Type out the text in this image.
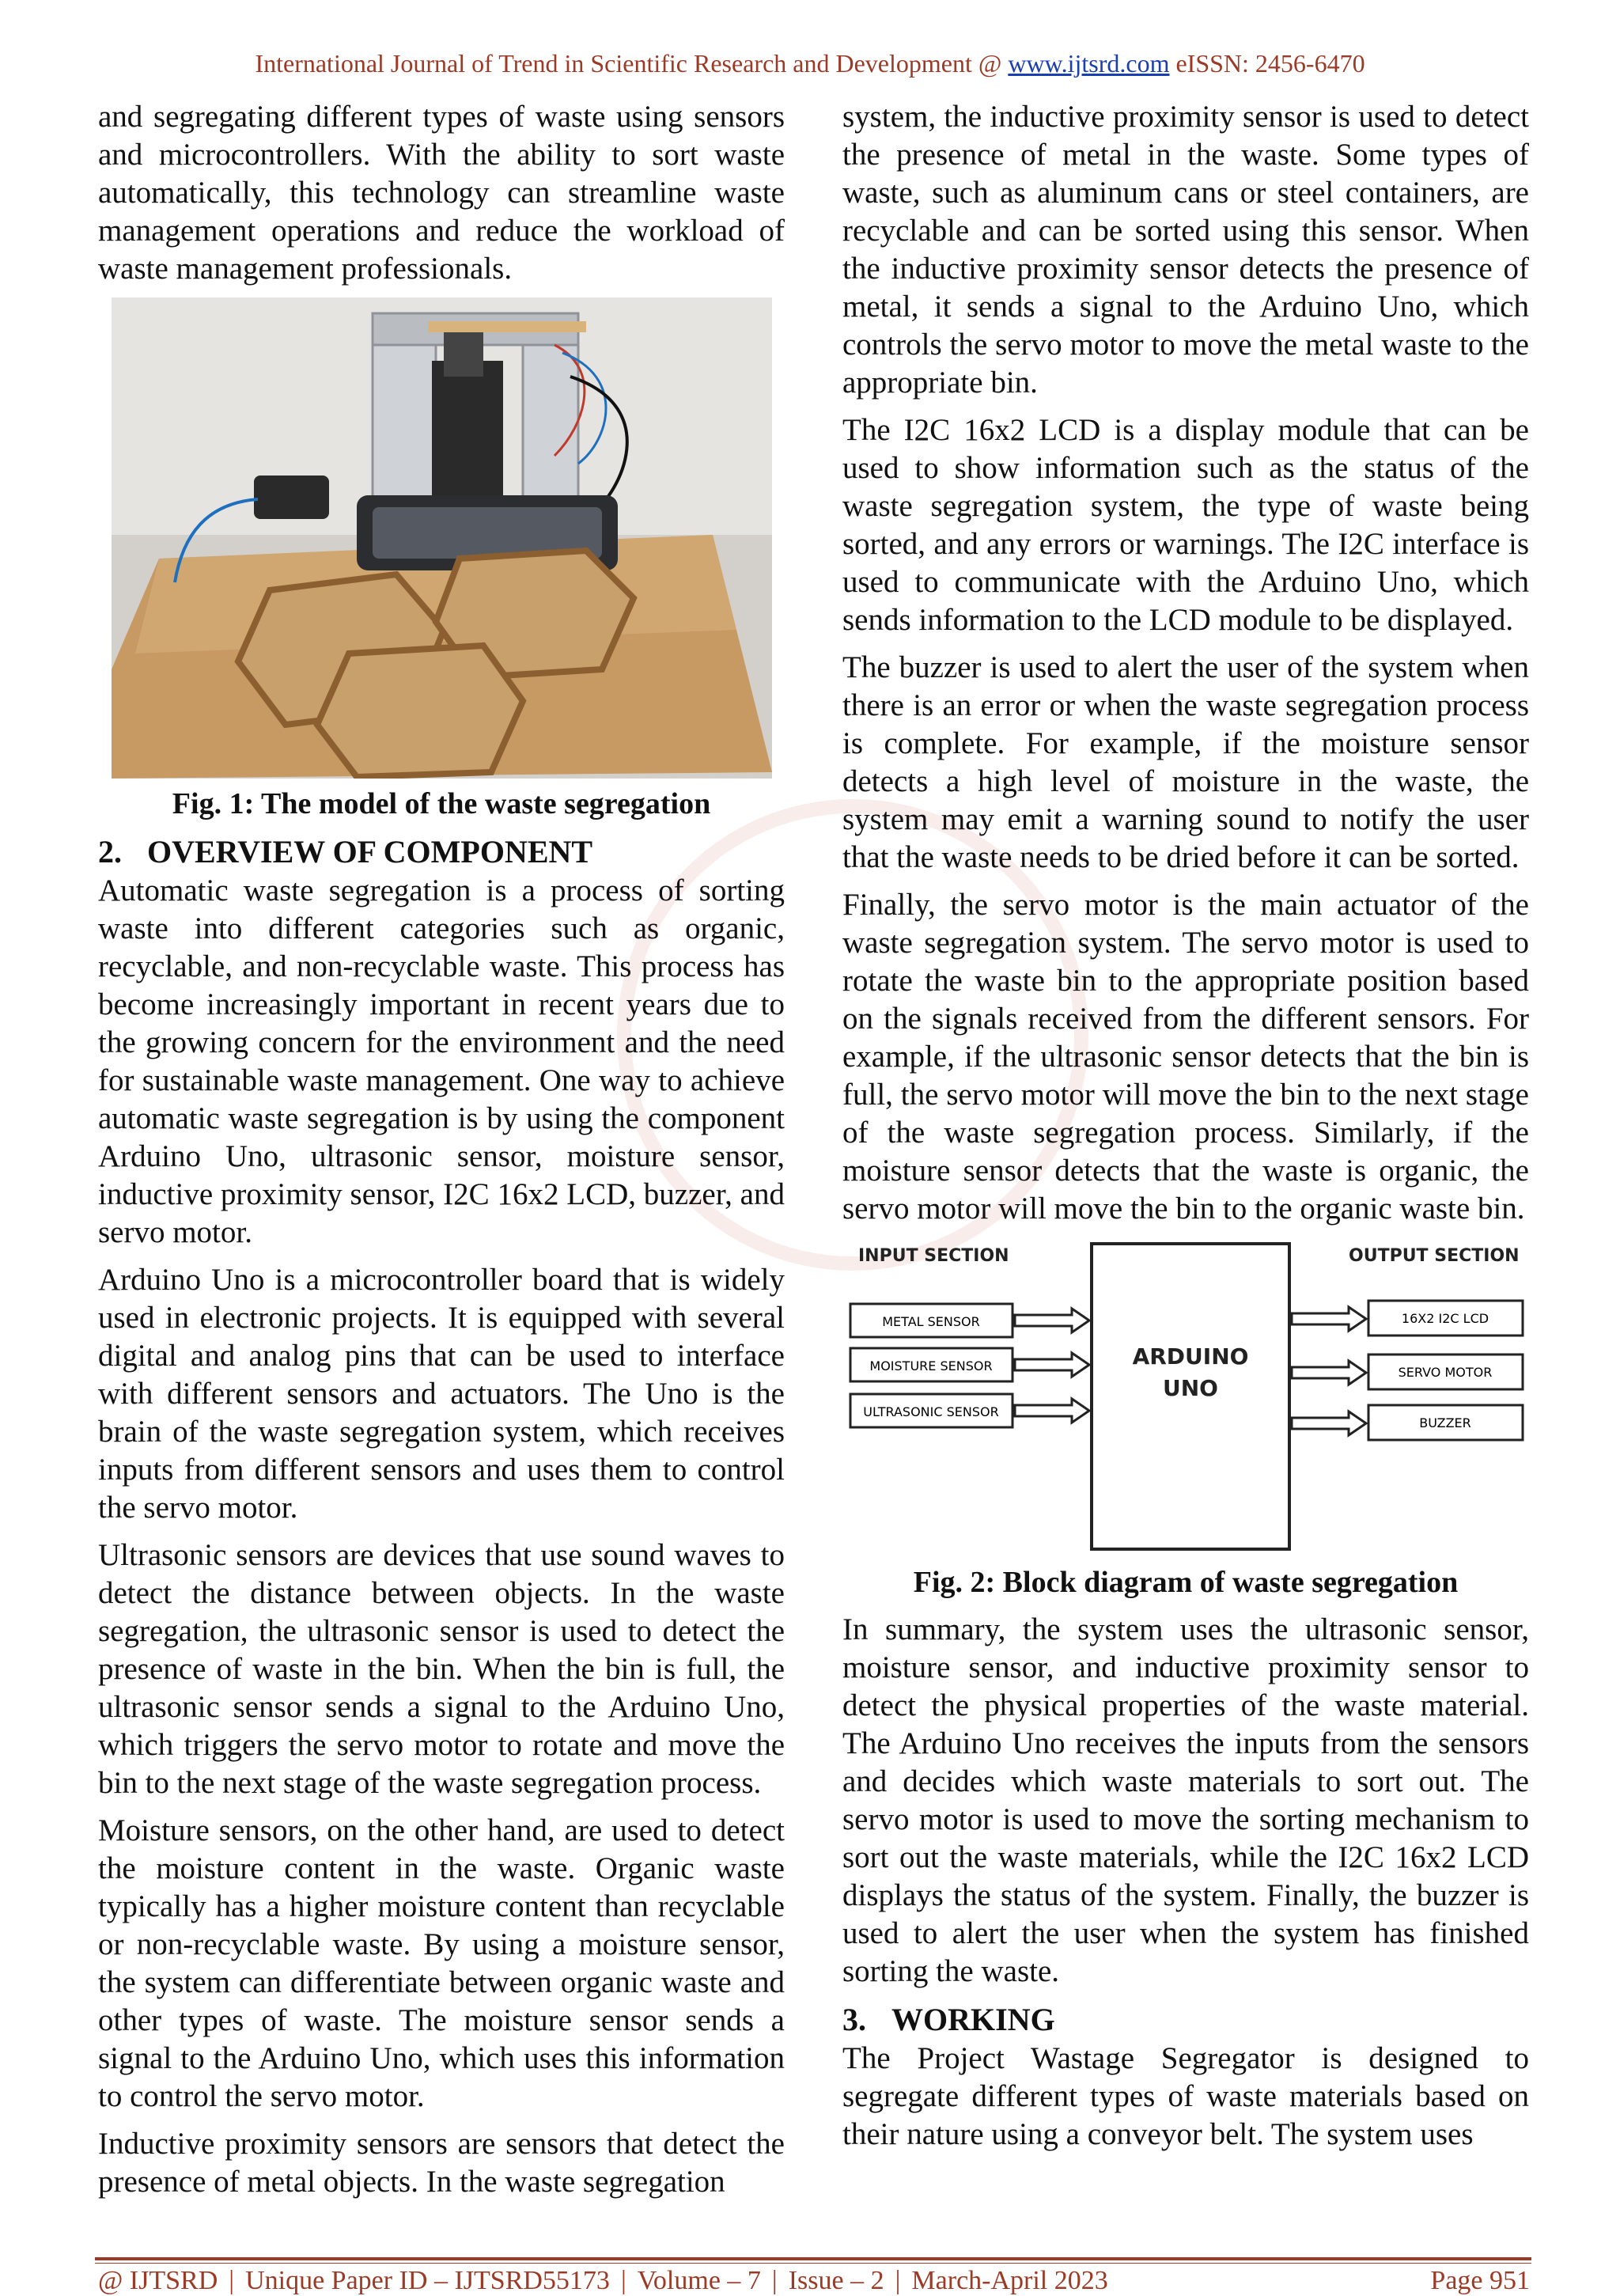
International Journal of Trend in Scientific Research and Development @ www.ijtsrd.com eISSN: 2456-6470

and segregating different types of waste using sensors and microcontrollers. With the ability to sort waste automatically, this technology can streamline waste management operations and reduce the workload of waste management professionals.

Fig. 1: The model of the waste segregation

2. OVERVIEW OF COMPONENT

Automatic waste segregation is a process of sorting waste into different categories such as organic, recyclable, and non-recyclable waste. This process has become increasingly important in recent years due to the growing concern for the environment and the need for sustainable waste management. One way to achieve automatic waste segregation is by using the component Arduino Uno, ultrasonic sensor, moisture sensor, inductive proximity sensor, I2C 16x2 LCD, buzzer, and servo motor.

Arduino Uno is a microcontroller board that is widely used in electronic projects. It is equipped with several digital and analog pins that can be used to interface with different sensors and actuators. The Uno is the brain of the waste segregation system, which receives inputs from different sensors and uses them to control the servo motor.

Ultrasonic sensors are devices that use sound waves to detect the distance between objects. In the waste segregation, the ultrasonic sensor is used to detect the presence of waste in the bin. When the bin is full, the ultrasonic sensor sends a signal to the Arduino Uno, which triggers the servo motor to rotate and move the bin to the next stage of the waste segregation process.

Moisture sensors, on the other hand, are used to detect the moisture content in the waste. Organic waste typically has a higher moisture content than recyclable or non-recyclable waste. By using a moisture sensor, the system can differentiate between organic waste and other types of waste. The moisture sensor sends a signal to the Arduino Uno, which uses this information to control the servo motor.

Inductive proximity sensors are sensors that detect the presence of metal objects. In the waste segregation

system, the inductive proximity sensor is used to detect the presence of metal in the waste. Some types of waste, such as aluminum cans or steel containers, are recyclable and can be sorted using this sensor. When the inductive proximity sensor detects the presence of metal, it sends a signal to the Arduino Uno, which controls the servo motor to move the metal waste to the appropriate bin.

The I2C 16x2 LCD is a display module that can be used to show information such as the status of the waste segregation system, the type of waste being sorted, and any errors or warnings. The I2C interface is used to communicate with the Arduino Uno, which sends information to the LCD module to be displayed.

The buzzer is used to alert the user of the system when there is an error or when the waste segregation process is complete. For example, if the moisture sensor detects a high level of moisture in the waste, the system may emit a warning sound to notify the user that the waste needs to be dried before it can be sorted.

Finally, the servo motor is the main actuator of the waste segregation system. The servo motor is used to rotate the waste bin to the appropriate position based on the signals received from the different sensors. For example, if the ultrasonic sensor detects that the bin is full, the servo motor will move the bin to the next stage of the waste segregation process. Similarly, if the moisture sensor detects that the waste is organic, the servo motor will move the bin to the organic waste bin.

INPUT SECTION	OUTPUT SECTION
ARDUINO
UNO
METAL SENSOR
MOISTURE SENSOR
ULTRASONIC SENSOR
16X2 I2C LCD
SERVO MOTOR
BUZZER

Fig. 2: Block diagram of waste segregation

In summary, the system uses the ultrasonic sensor, moisture sensor, and inductive proximity sensor to detect the physical properties of the waste material. The Arduino Uno receives the inputs from the sensors and decides which waste materials to sort out. The servo motor is used to move the sorting mechanism to sort out the waste materials, while the I2C 16x2 LCD displays the status of the system. Finally, the buzzer is used to alert the user when the system has finished sorting the waste.

3. WORKING

The Project Wastage Segregator is designed to segregate different types of waste materials based on their nature using a conveyor belt. The system uses

@ IJTSRD | Unique Paper ID – IJTSRD55173 | Volume – 7 | Issue – 2 | March-April 2023	Page 951
